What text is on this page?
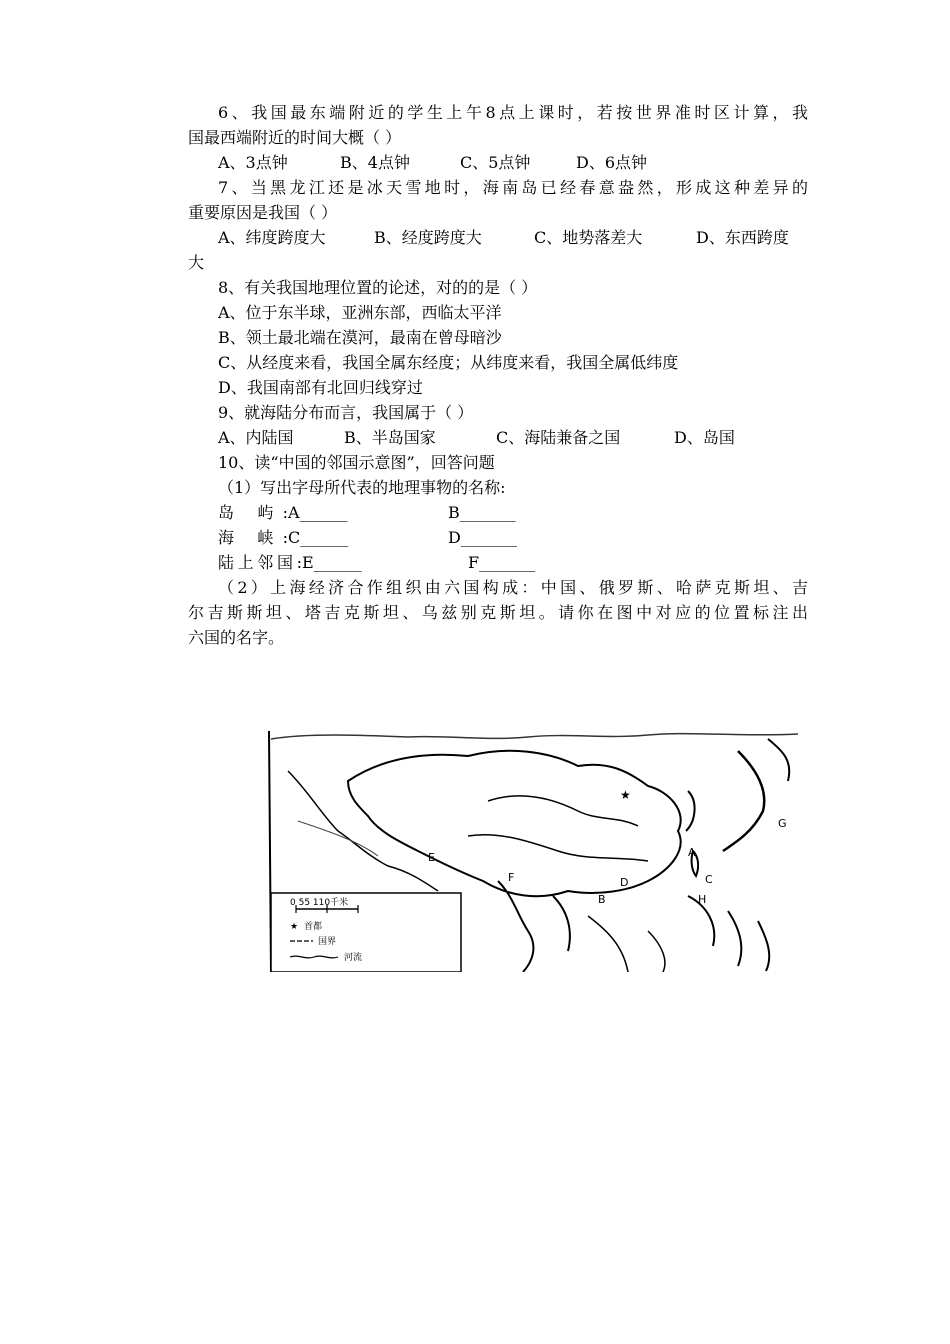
6、我国最东端附近的学生上午8点上课时，若按世界准时区计算，我
国最西端附近的时间大概（ ）
A、3点钟	B、4点钟	C、5点钟	D、6点钟
7、当黑龙江还是冰天雪地时，海南岛已经春意盎然，形成这种差异的
重要原因是我国（ ）
A、纬度跨度大	B、经度跨度大	C、地势落差大	D、东西跨度
大
8、有关我国地理位置的论述，对的的是（ ）
A、位于东半球，亚洲东部，西临太平洋
B、领土最北端在漠河，最南在曾母暗沙
C、从经度来看，我国全属东经度；从纬度来看，我国全属低纬度
D、我国南部有北回归线穿过
9、就海陆分布而言，我国属于（ ）
A、内陆国	B、半岛国家	C、海陆兼备之国	D、岛国
10、读“中国的邻国示意图”，回答问题
（1）写出字母所代表的地理事物的名称:
岛 屿: A______	B_______
海 峡: C______	D_______
陆上邻国: E______	F_______
（2）上海经济合作组织由六国构成：中国、俄罗斯、哈萨克斯坦、吉
尔吉斯斯坦、塔吉克斯坦、乌兹别克斯坦。请你在图中对应的位置标注出
六国的名字。
★
A
B
C
D
E
F
G
H
0 55 110千米
★ 首都
国界
河流
